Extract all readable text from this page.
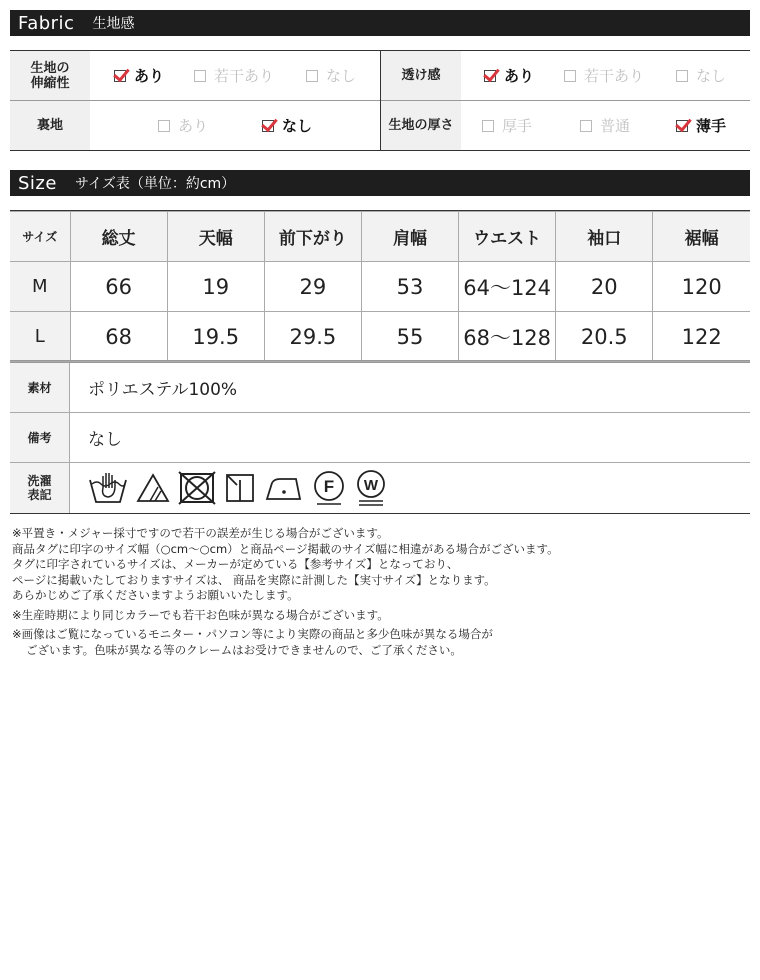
Fabric 生地感
生地の
伸縮性	あり	若干あり	なし	透け感	あり	若干あり	なし
裏地	あり	なし	生地の厚さ	厚手	普通	薄手
Size サイズ表（単位：約cm）
サイズ	総丈	天幅	前下がり	肩幅	ウエスト	袖口	裾幅
M	66	19	29	53	64〜124	20	120
L	68	19.5	29.5	55	68〜128	20.5	122
素材	ポリエステル100%
備考	なし
洗濯
表記	F W

※平置き・メジャー採寸ですので若干の誤差が生じる場合がございます。

商品タグに印字のサイズ幅（○cm〜○cm）と商品ページ掲載のサイズ幅に相違がある場合がございます。

タグに印字されているサイズは、メーカーが定めている【参考サイズ】となっており、

ページに掲載いたしておりますサイズは、 商品を実際に計測した【実寸サイズ】となります。

あらかじめご了承くださいますようお願いいたします。

※生産時期により同じカラーでも若干お色味が異なる場合がございます。

※画像はご覧になっているモニター・パソコン等により実際の商品と多少色味が異なる場合が

ございます。色味が異なる等のクレームはお受けできませんので、ご了承ください。
